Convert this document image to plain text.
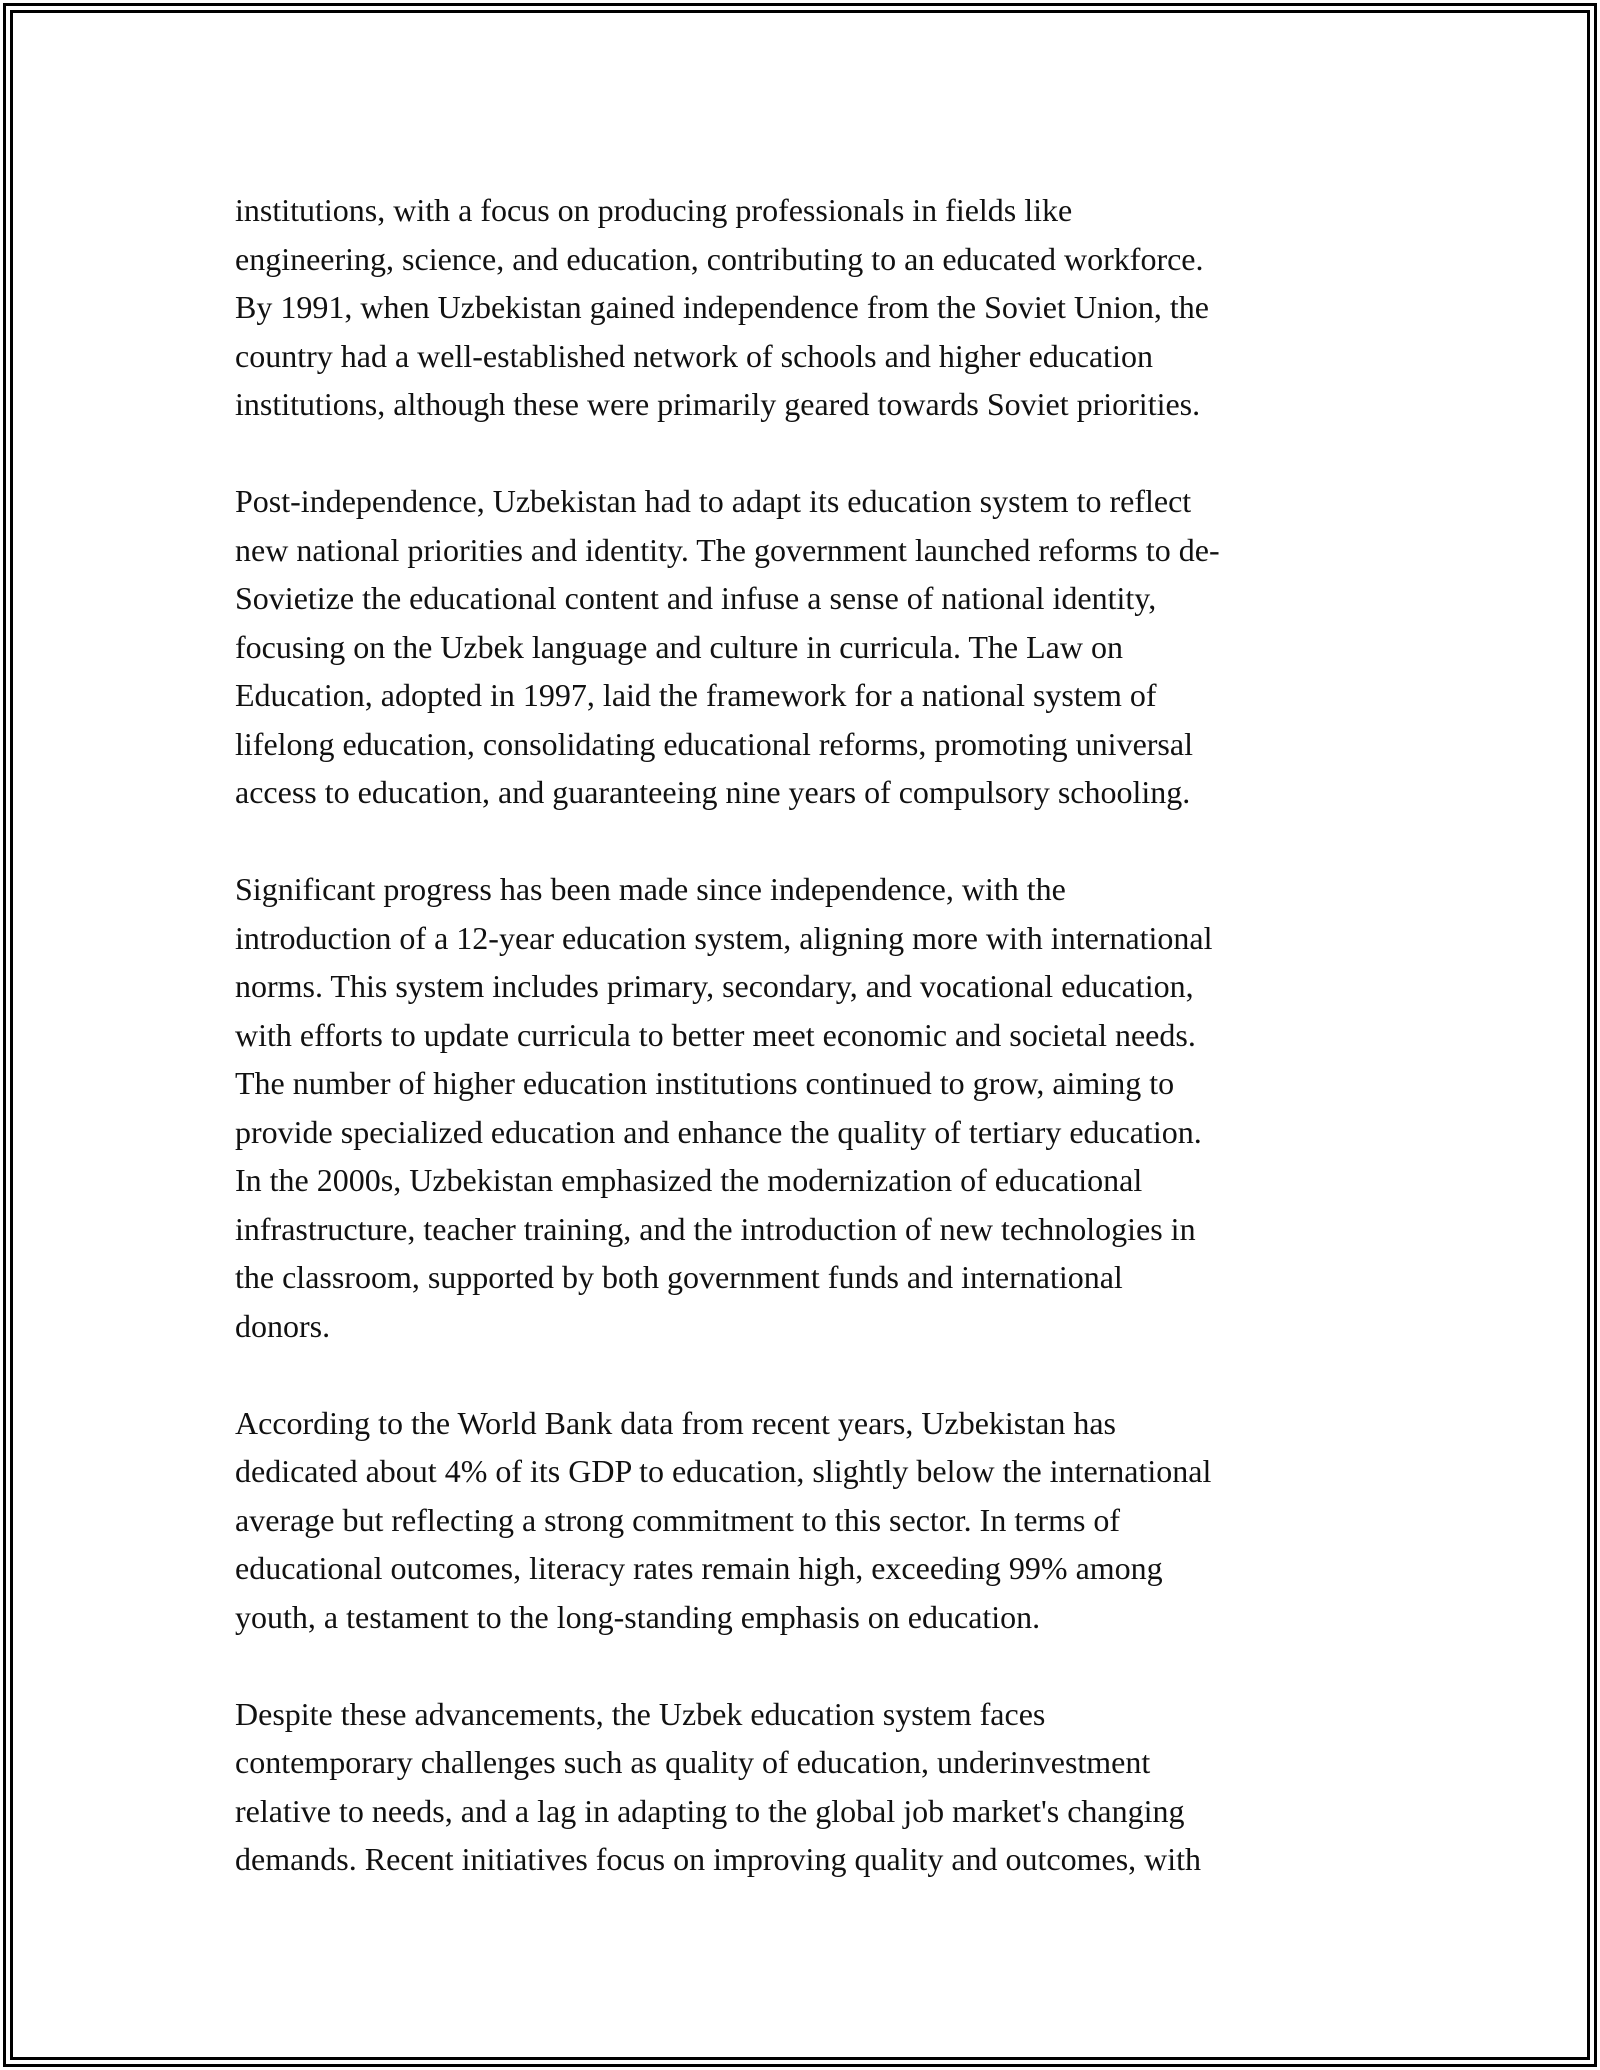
institutions, with a focus on producing professionals in fields like
engineering, science, and education, contributing to an educated workforce.
By 1991, when Uzbekistan gained independence from the Soviet Union, the
country had a well-established network of schools and higher education
institutions, although these were primarily geared towards Soviet priorities.

Post-independence, Uzbekistan had to adapt its education system to reflect
new national priorities and identity. The government launched reforms to de-
Sovietize the educational content and infuse a sense of national identity,
focusing on the Uzbek language and culture in curricula. The Law on
Education, adopted in 1997, laid the framework for a national system of
lifelong education, consolidating educational reforms, promoting universal
access to education, and guaranteeing nine years of compulsory schooling.

Significant progress has been made since independence, with the
introduction of a 12-year education system, aligning more with international
norms. This system includes primary, secondary, and vocational education,
with efforts to update curricula to better meet economic and societal needs.
The number of higher education institutions continued to grow, aiming to
provide specialized education and enhance the quality of tertiary education.
In the 2000s, Uzbekistan emphasized the modernization of educational
infrastructure, teacher training, and the introduction of new technologies in
the classroom, supported by both government funds and international
donors.

According to the World Bank data from recent years, Uzbekistan has
dedicated about 4% of its GDP to education, slightly below the international
average but reflecting a strong commitment to this sector. In terms of
educational outcomes, literacy rates remain high, exceeding 99% among
youth, a testament to the long-standing emphasis on education.

Despite these advancements, the Uzbek education system faces
contemporary challenges such as quality of education, underinvestment
relative to needs, and a lag in adapting to the global job market's changing
demands. Recent initiatives focus on improving quality and outcomes, with
